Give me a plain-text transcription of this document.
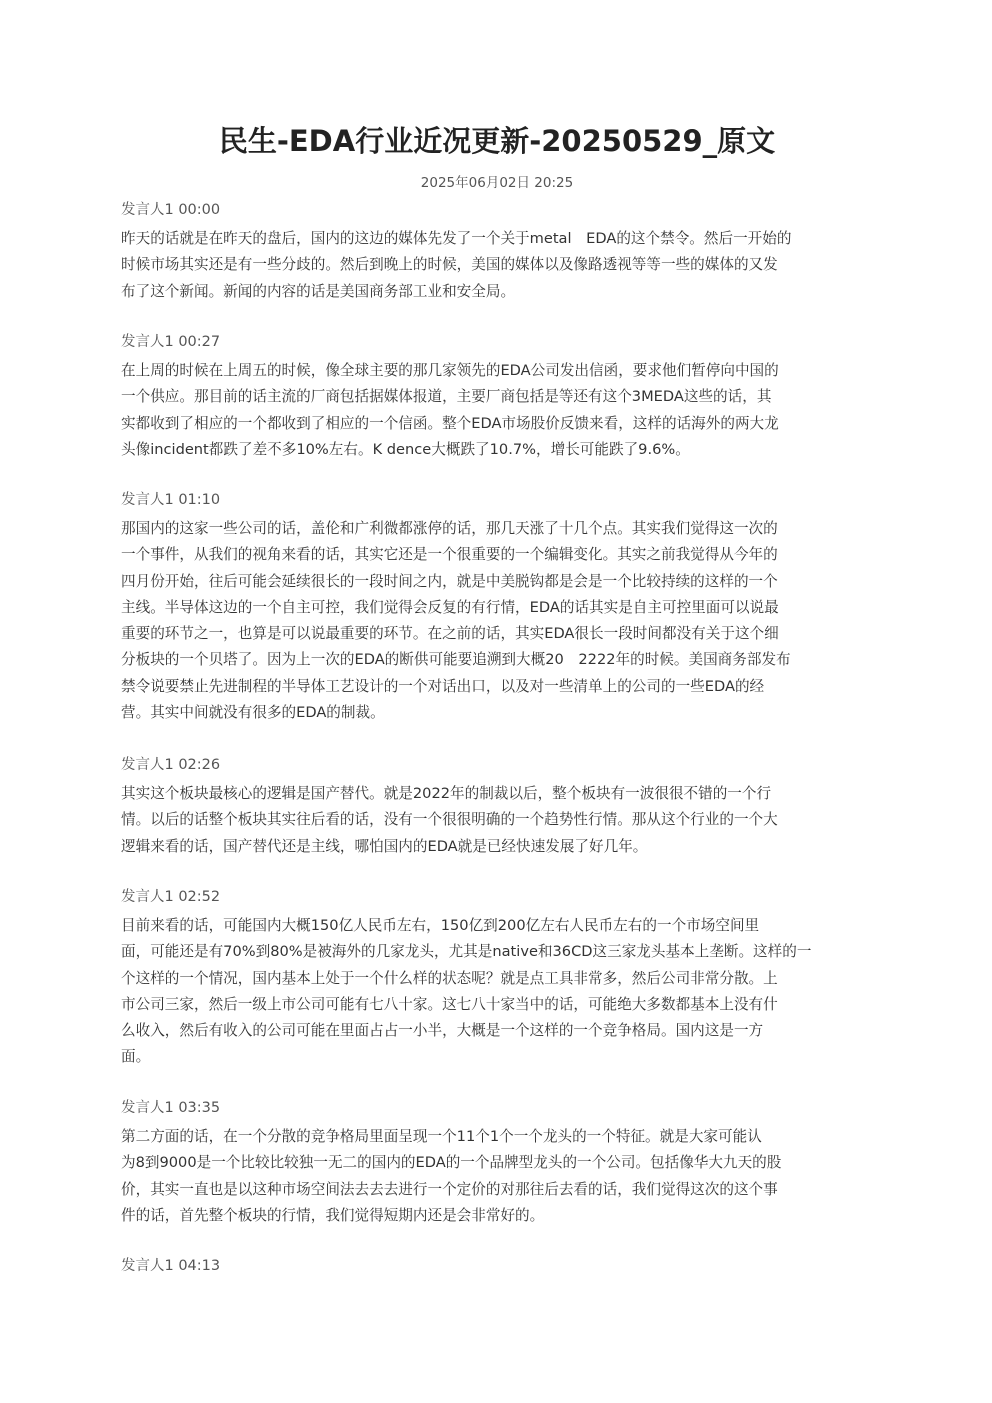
民生-EDA行业近况更新-20250529_原文
2025年06月02日 20:25
发言人1 00:00
昨天的话就是在昨天的盘后，国内的这边的媒体先发了一个关于metal　EDA的这个禁令。然后一开始的
时候市场其实还是有一些分歧的。然后到晚上的时候，美国的媒体以及像路透视等等一些的媒体的又发
布了这个新闻。新闻的内容的话是美国商务部工业和安全局。
发言人1 00:27
在上周的时候在上周五的时候，像全球主要的那几家领先的EDA公司发出信函，要求他们暂停向中国的
一个供应。那目前的话主流的厂商包括据媒体报道，主要厂商包括是等还有这个3MEDA这些的话，其
实都收到了相应的一个都收到了相应的一个信函。整个EDA市场股价反馈来看，这样的话海外的两大龙
头像incident都跌了差不多10%左右。K dence大概跌了10.7%，增长可能跌了9.6%。
发言人1 01:10
那国内的这家一些公司的话，盖伦和广利微都涨停的话，那几天涨了十几个点。其实我们觉得这一次的
一个事件，从我们的视角来看的话，其实它还是一个很重要的一个编辑变化。其实之前我觉得从今年的
四月份开始，往后可能会延续很长的一段时间之内，就是中美脱钩都是会是一个比较持续的这样的一个
主线。半导体这边的一个自主可控，我们觉得会反复的有行情，EDA的话其实是自主可控里面可以说最
重要的环节之一，也算是可以说最重要的环节。在之前的话，其实EDA很长一段时间都没有关于这个细
分板块的一个贝塔了。因为上一次的EDA的断供可能要追溯到大概20　2222年的时候。美国商务部发布
禁令说要禁止先进制程的半导体工艺设计的一个对话出口，以及对一些清单上的公司的一些EDA的经
营。其实中间就没有很多的EDA的制裁。
发言人1 02:26
其实这个板块最核心的逻辑是国产替代。就是2022年的制裁以后，整个板块有一波很很不错的一个行
情。以后的话整个板块其实往后看的话，没有一个很很明确的一个趋势性行情。那从这个行业的一个大
逻辑来看的话，国产替代还是主线，哪怕国内的EDA就是已经快速发展了好几年。
发言人1 02:52
目前来看的话，可能国内大概150亿人民币左右，150亿到200亿左右人民币左右的一个市场空间里
面，可能还是有70%到80%是被海外的几家龙头，尤其是native和36CD这三家龙头基本上垄断。这样的一
个这样的一个情况，国内基本上处于一个什么样的状态呢？就是点工具非常多，然后公司非常分散。上
市公司三家，然后一级上市公司可能有七八十家。这七八十家当中的话，可能绝大多数都基本上没有什
么收入，然后有收入的公司可能在里面占占一小半，大概是一个这样的一个竞争格局。国内这是一方
面。
发言人1 03:35
第二方面的话，在一个分散的竞争格局里面呈现一个11个1个一个龙头的一个特征。就是大家可能认
为8到9000是一个比较比较独一无二的国内的EDA的一个品牌型龙头的一个公司。包括像华大九天的股
价，其实一直也是以这种市场空间法去去去进行一个定价的对那往后去看的话，我们觉得这次的这个事
件的话，首先整个板块的行情，我们觉得短期内还是会非常好的。
发言人1 04:13
